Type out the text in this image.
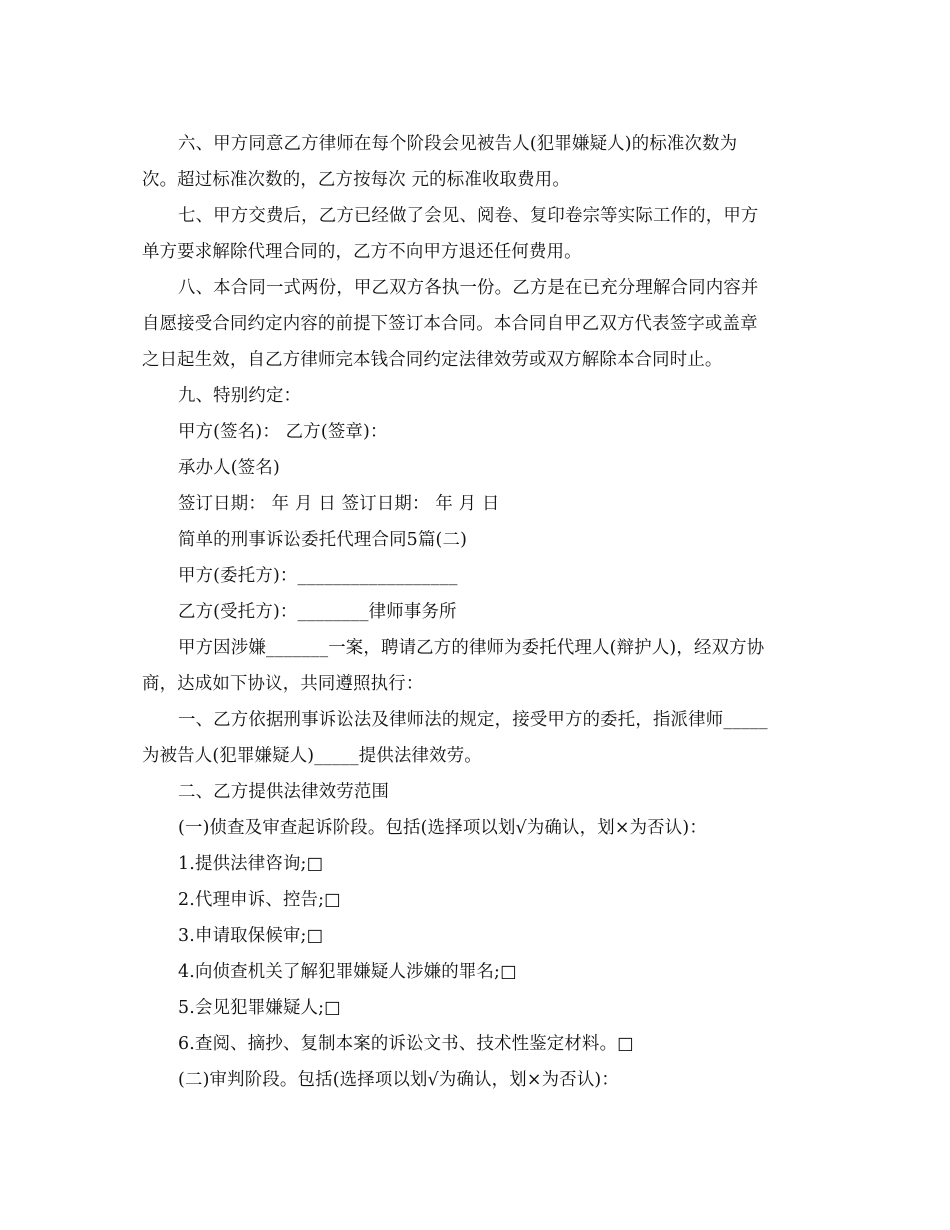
六、甲方同意乙方律师在每个阶段会见被告人(犯罪嫌疑人)的标准次数为
次。超过标准次数的，乙方按每次 元的标准收取费用。
七、甲方交费后，乙方已经做了会见、阅卷、复印卷宗等实际工作的，甲方
单方要求解除代理合同的，乙方不向甲方退还任何费用。
八、本合同一式两份，甲乙双方各执一份。乙方是在已充分理解合同内容并
自愿接受合同约定内容的前提下签订本合同。本合同自甲乙双方代表签字或盖章
之日起生效，自乙方律师完本钱合同约定法律效劳或双方解除本合同时止。
九、特别约定：
甲方(签名)： 乙方(签章)：
承办人(签名)
签订日期： 年 月 日 签订日期： 年 月 日
简单的刑事诉讼委托代理合同5篇(二)
甲方(委托方)：__________________
乙方(受托方)：________律师事务所
甲方因涉嫌_______一案，聘请乙方的律师为委托代理人(辩护人)，经双方协
商，达成如下协议，共同遵照执行：
一、乙方依据刑事诉讼法及律师法的规定，接受甲方的委托，指派律师_____
为被告人(犯罪嫌疑人)_____提供法律效劳。
二、乙方提供法律效劳范围
(一)侦查及审查起诉阶段。包括(选择项以划√为确认，划×为否认)：
1.提供法律咨询;□
2.代理申诉、控告;□
3.申请取保候审;□
4.向侦查机关了解犯罪嫌疑人涉嫌的罪名;□
5.会见犯罪嫌疑人;□
6.查阅、摘抄、复制本案的诉讼文书、技术性鉴定材料。□
(二)审判阶段。包括(选择项以划√为确认，划×为否认)：
